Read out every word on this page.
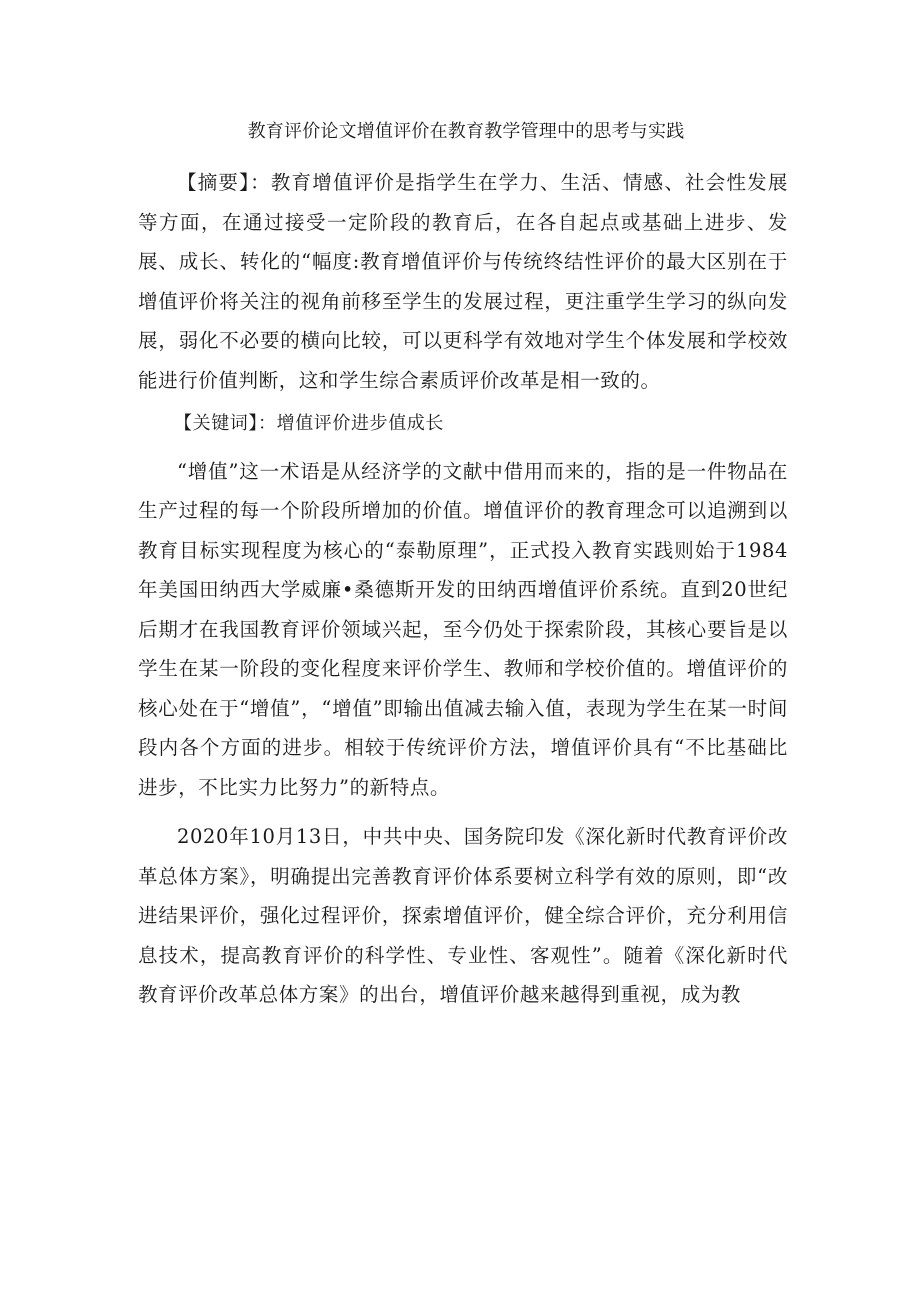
教育评价论文增值评价在教育教学管理中的思考与实践

【摘要】：教育增值评价是指学生在学力、生活、情感、社会性发展等方面，在通过接受一定阶段的教育后，在各自起点或基础上进步、发展、成长、转化的“幅度:教育增值评价与传统终结性评价的最大区别在于增值评价将关注的视角前移至学生的发展过程，更注重学生学习的纵向发展，弱化不必要的横向比较，可以更科学有效地对学生个体发展和学校效能进行价值判断，这和学生综合素质评价改革是相一致的。

【关键词】：增值评价进步值成长

“增值”这一术语是从经济学的文献中借用而来的，指的是一件物品在生产过程的每一个阶段所增加的价值。增值评价的教育理念可以追溯到以教育目标实现程度为核心的“泰勒原理”，正式投入教育实践则始于1984年美国田纳西大学威廉•桑德斯开发的田纳西增值评价系统。直到20世纪后期才在我国教育评价领域兴起，至今仍处于探索阶段，其核心要旨是以学生在某一阶段的变化程度来评价学生、教师和学校价值的。增值评价的核心处在于“增值”，“增值”即输出值减去输入值，表现为学生在某一时间段内各个方面的进步。相较于传统评价方法，增值评价具有“不比基础比进步，不比实力比努力”的新特点。

2020年10月13日，中共中央、国务院印发《深化新时代教育评价改革总体方案》，明确提出完善教育评价体系要树立科学有效的原则，即“改进结果评价，强化过程评价，探索增值评价，健全综合评价，充分利用信息技术，提高教育评价的科学性、专业性、客观性”。随着《深化新时代教育评价改革总体方案》的出台，增值评价越来越得到重视，成为教
